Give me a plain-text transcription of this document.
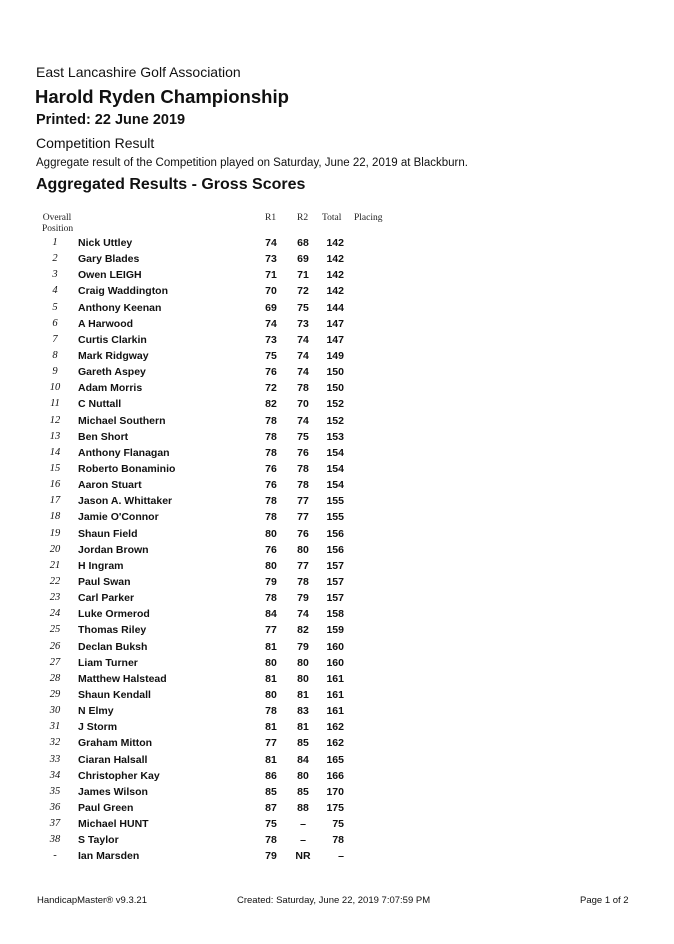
East Lancashire Golf Association
Harold Ryden Championship
Printed: 22 June 2019
Competition Result
Aggregate result of the Competition played on Saturday, June 22, 2019 at Blackburn.
Aggregated Results - Gross Scores
Overall Position
R1 R2 Total Placing
1	Nick Uttley	74	68	142
2	Gary Blades	73	69	142
3	Owen LEIGH	71	71	142
4	Craig Waddington	70	72	142
5	Anthony Keenan	69	75	144
6	A Harwood	74	73	147
7	Curtis Clarkin	73	74	147
8	Mark Ridgway	75	74	149
9	Gareth Aspey	76	74	150
10	Adam Morris	72	78	150
11	C Nuttall	82	70	152
12	Michael Southern	78	74	152
13	Ben Short	78	75	153
14	Anthony Flanagan	78	76	154
15	Roberto Bonaminio	76	78	154
16	Aaron Stuart	76	78	154
17	Jason A. Whittaker	78	77	155
18	Jamie O'Connor	78	77	155
19	Shaun Field	80	76	156
20	Jordan Brown	76	80	156
21	H Ingram	80	77	157
22	Paul Swan	79	78	157
23	Carl Parker	78	79	157
24	Luke Ormerod	84	74	158
25	Thomas Riley	77	82	159
26	Declan Buksh	81	79	160
27	Liam Turner	80	80	160
28	Matthew Halstead	81	80	161
29	Shaun Kendall	80	81	161
30	N Elmy	78	83	161
31	J Storm	81	81	162
32	Graham Mitton	77	85	162
33	Ciaran Halsall	81	84	165
34	Christopher Kay	86	80	166
35	James Wilson	85	85	170
36	Paul Green	87	88	175
37	Michael HUNT	75	–	75
38	S Taylor	78	–	78
-	Ian Marsden	79	NR	–
HandicapMaster® v9.3.21	Created: Saturday, June 22, 2019 7:07:59 PM	Page 1 of 2
